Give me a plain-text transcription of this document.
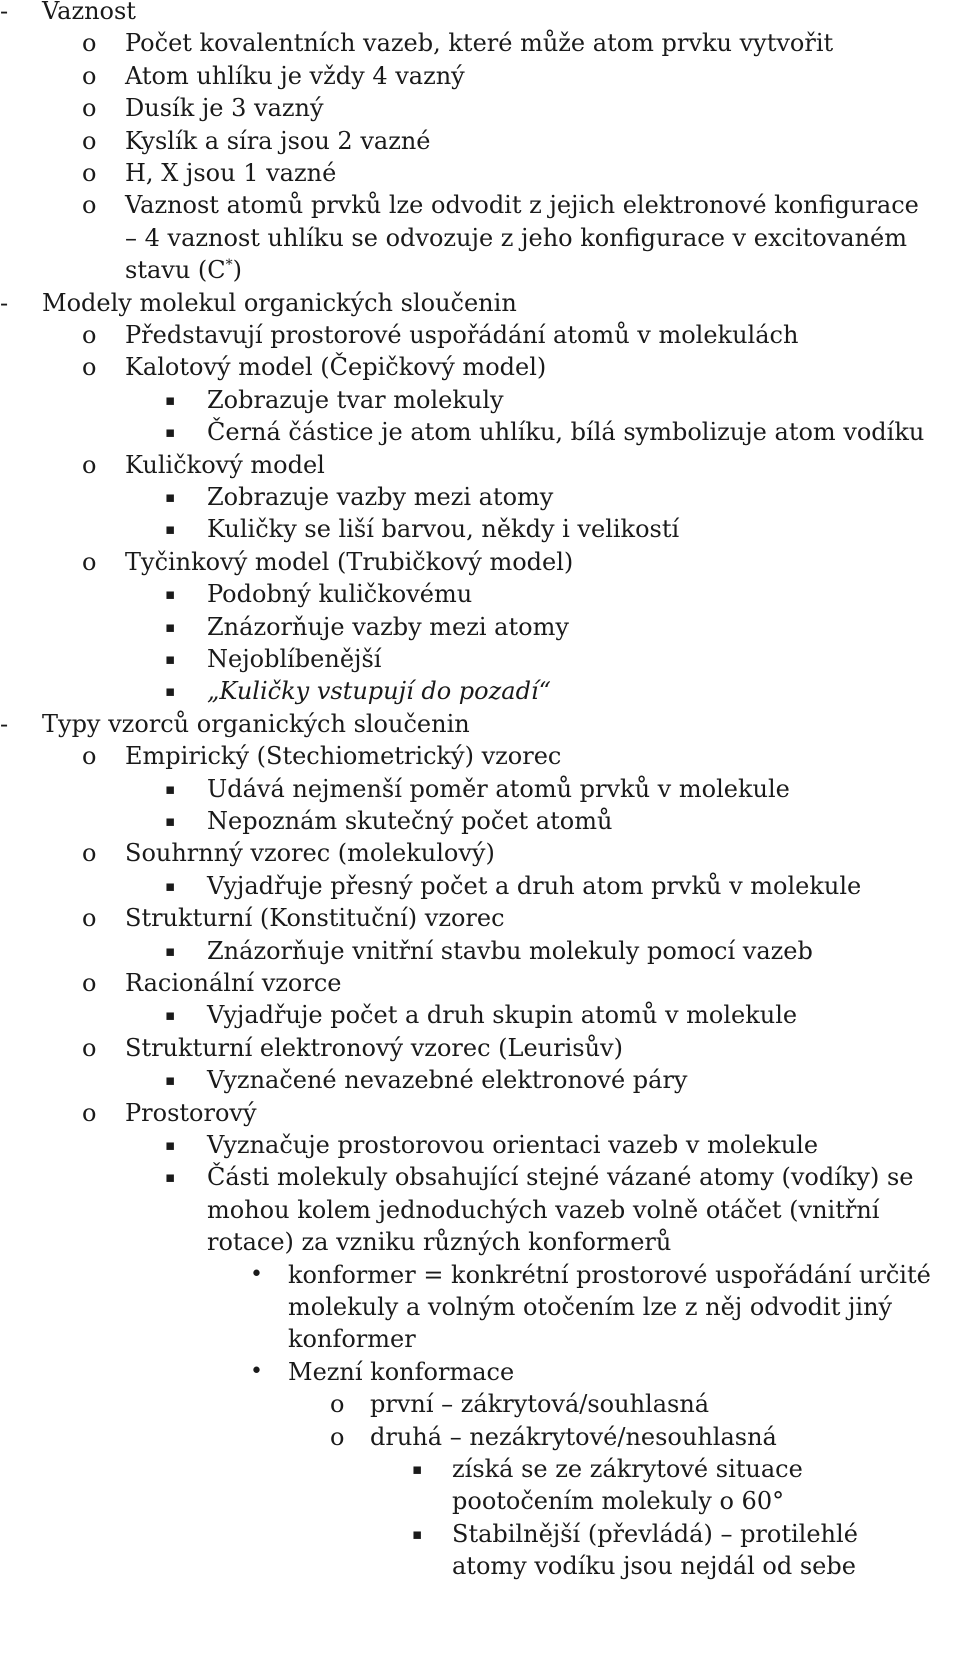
- Vaznost
o Počet kovalentních vazeb, které může atom prvku vytvořit
o Atom uhlíku je vždy 4 vazný
o Dusík je 3 vazný
o Kyslík a síra jsou 2 vazné
o H, X jsou 1 vazné
o Vaznost atomů prvků lze odvodit z jejich elektronové konfigurace
– 4 vaznost uhlíku se odvozuje z jeho konfigurace v excitovaném
stavu (C*)
- Modely molekul organických sloučenin
o Představují prostorové uspořádání atomů v molekulách
o Kalotový model (Čepičkový model)
▪ Zobrazuje tvar molekuly
▪ Černá částice je atom uhlíku, bílá symbolizuje atom vodíku
o Kuličkový model
▪ Zobrazuje vazby mezi atomy
▪ Kuličky se liší barvou, někdy i velikostí
o Tyčinkový model (Trubičkový model)
▪ Podobný kuličkovému
▪ Znázorňuje vazby mezi atomy
▪ Nejoblíbenější
▪ „Kuličky vstupují do pozadí“
- Typy vzorců organických sloučenin
o Empirický (Stechiometrický) vzorec
▪ Udává nejmenší poměr atomů prvků v molekule
▪ Nepoznám skutečný počet atomů
o Souhrnný vzorec (molekulový)
▪ Vyjadřuje přesný počet a druh atom prvků v molekule
o Strukturní (Konstituční) vzorec
▪ Znázorňuje vnitřní stavbu molekuly pomocí vazeb
o Racionální vzorce
▪ Vyjadřuje počet a druh skupin atomů v molekule
o Strukturní elektronový vzorec (Leurisův)
▪ Vyznačené nevazebné elektronové páry
o Prostorový
▪ Vyznačuje prostorovou orientaci vazeb v molekule
▪ Části molekuly obsahující stejné vázané atomy (vodíky) se
mohou kolem jednoduchých vazeb volně otáčet (vnitřní
rotace) za vzniku různých konformerů
• konformer = konkrétní prostorové uspořádání určité
molekuly a volným otočením lze z něj odvodit jiný
konformer
• Mezní konformace
o první – zákrytová/souhlasná
o druhá – nezákrytové/nesouhlasná
▪ získá se ze zákrytové situace
pootočením molekuly o 60°
▪ Stabilnější (převládá) – protilehlé
atomy vodíku jsou nejdál od sebe
